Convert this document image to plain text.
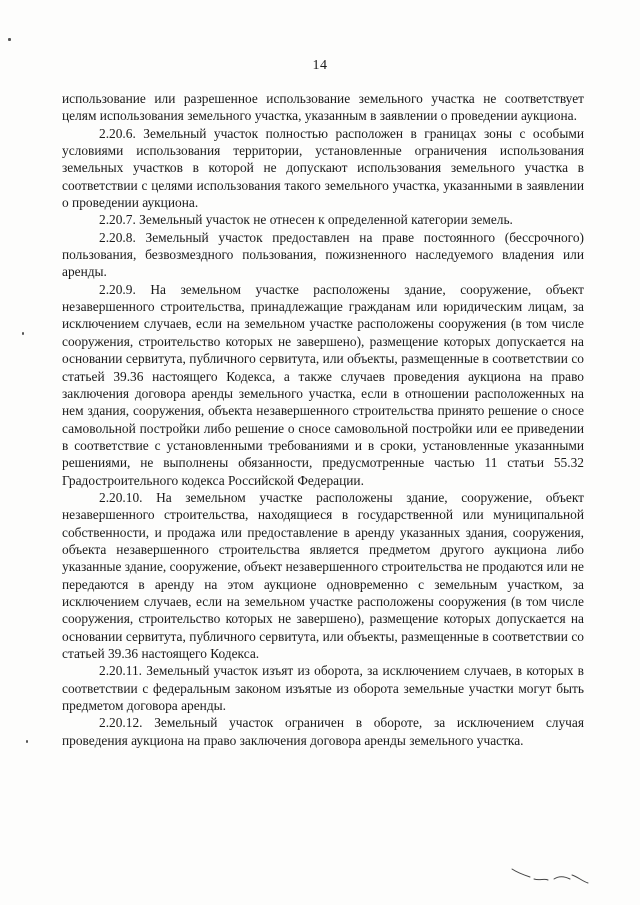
14

использование или разрешенное использование земельного участка не соответствует целям использования земельного участка, указанным в заявлении о проведении аукциона.

2.20.6. Земельный участок полностью расположен в границах зоны с особыми условиями использования территории, установленные ограничения использования земельных участков в которой не допускают использования земельного участка в соответствии с целями использования такого земельного участка, указанными в заявлении о проведении аукциона.

2.20.7. Земельный участок не отнесен к определенной категории земель.

2.20.8. Земельный участок предоставлен на праве постоянного (бессрочного) пользования, безвозмездного пользования, пожизненного наследуемого владения или аренды.

2.20.9. На земельном участке расположены здание, сооружение, объект незавершенного строительства, принадлежащие гражданам или юридическим лицам, за исключением случаев, если на земельном участке расположены сооружения (в том числе сооружения, строительство которых не завершено), размещение которых допускается на основании сервитута, публичного сервитута, или объекты, размещенные в соответствии со статьей 39.36 настоящего Кодекса, а также случаев проведения аукциона на право заключения договора аренды земельного участка, если в отношении расположенных на нем здания, сооружения, объекта незавершенного строительства принято решение о сносе самовольной постройки либо решение о сносе самовольной постройки или ее приведении в соответствие с установленными требованиями и в сроки, установленные указанными решениями, не выполнены обязанности, предусмотренные частью 11 статьи 55.32 Градостроительного кодекса Российской Федерации.

2.20.10. На земельном участке расположены здание, сооружение, объект незавершенного строительства, находящиеся в государственной или муниципальной собственности, и продажа или предоставление в аренду указанных здания, сооружения, объекта незавершенного строительства является предметом другого аукциона либо указанные здание, сооружение, объект незавершенного строительства не продаются или не передаются в аренду на этом аукционе одновременно с земельным участком, за исключением случаев, если на земельном участке расположены сооружения (в том числе сооружения, строительство которых не завершено), размещение которых допускается на основании сервитута, публичного сервитута, или объекты, размещенные в соответствии со статьей 39.36 настоящего Кодекса.

2.20.11. Земельный участок изъят из оборота, за исключением случаев, в которых в соответствии с федеральным законом изъятые из оборота земельные участки могут быть предметом договора аренды.

2.20.12. Земельный участок ограничен в обороте, за исключением случая проведения аукциона на право заключения договора аренды земельного участка.
